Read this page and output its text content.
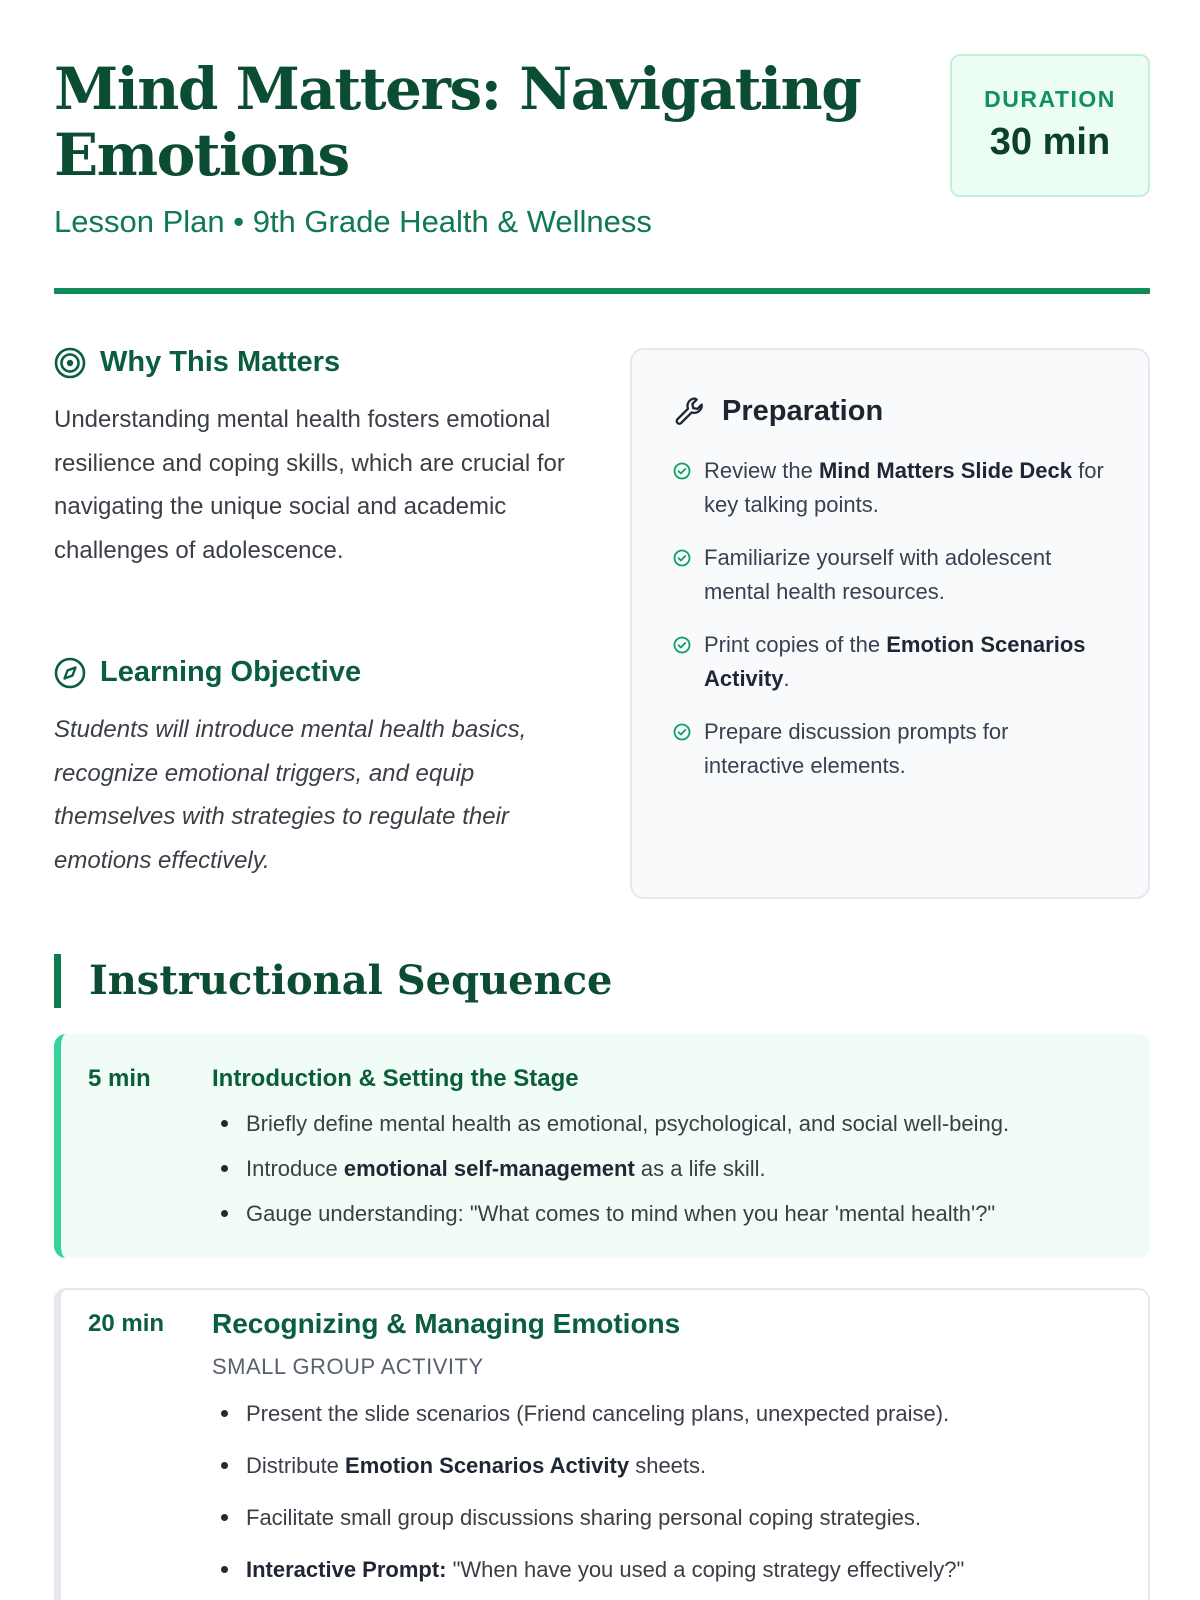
Mind Matters: Navigating Emotions
Lesson Plan • 9th Grade Health & Wellness
DURATION
30 min
Why This Matters

Understanding mental health fosters emotional resilience and coping skills, which are crucial for navigating the unique social and academic challenges of adolescence.

Learning Objective

Students will introduce mental health basics, recognize emotional triggers, and equip themselves with strategies to regulate their emotions effectively.

Preparation
Review the Mind Matters Slide Deck for key talking points.
Familiarize yourself with adolescent mental health resources.
Print copies of the Emotion Scenarios Activity.
Prepare discussion prompts for interactive elements.
Instructional Sequence
5 min	Introduction & Setting the Stage
Briefly define mental health as emotional, psychological, and social well-being.
Introduce emotional self-management as a life skill.
Gauge understanding: "What comes to mind when you hear 'mental health'?"
20 min Recognizing & Managing Emotions
SMALL GROUP ACTIVITY
Present the slide scenarios (Friend canceling plans, unexpected praise).
Distribute Emotion Scenarios Activity sheets.
Facilitate small group discussions sharing personal coping strategies.
Interactive Prompt: "When have you used a coping strategy effectively?"
